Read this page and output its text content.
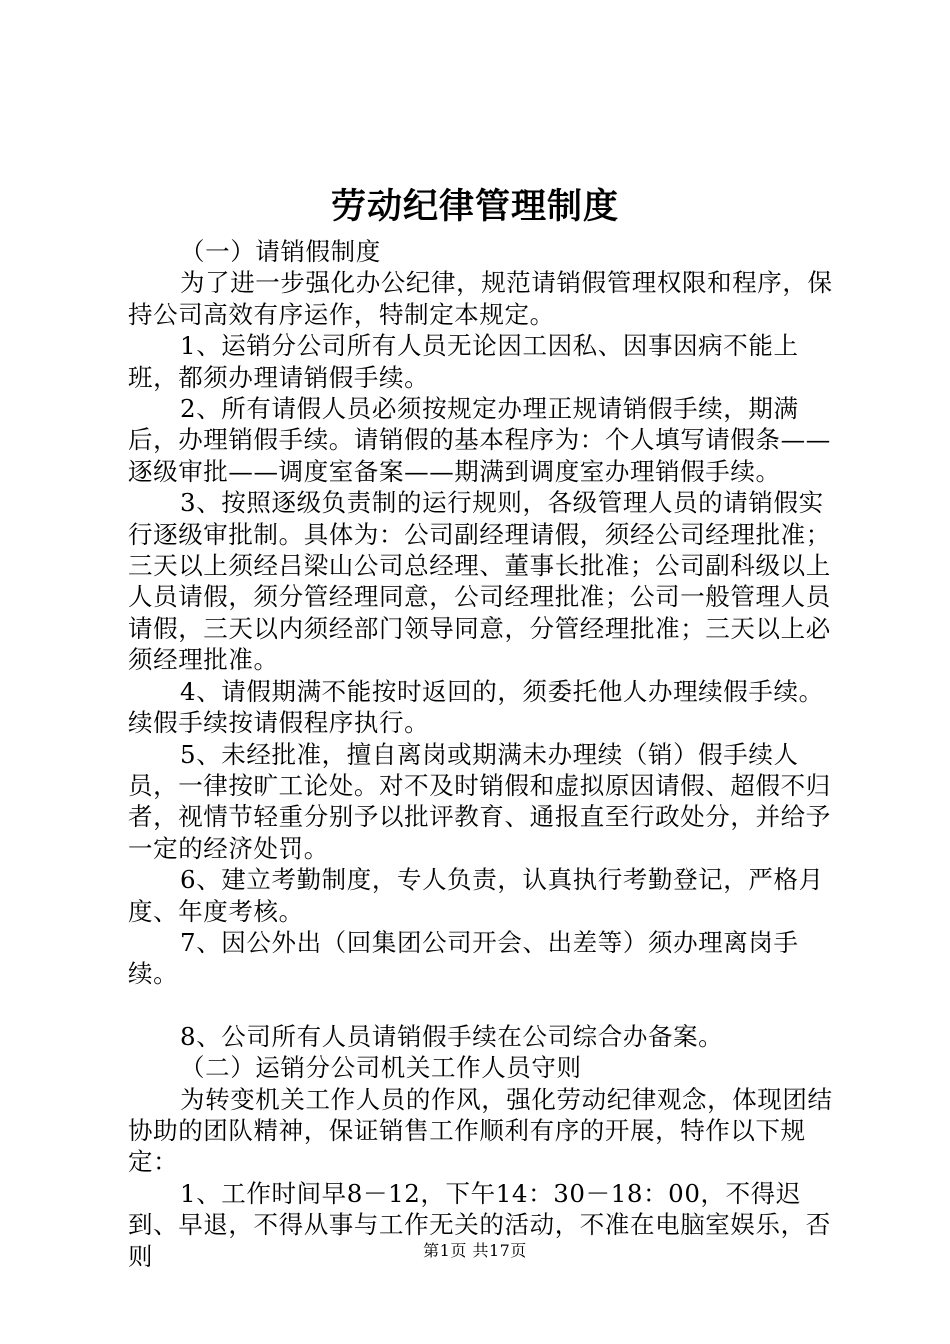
劳动纪律管理制度

（一）请销假制度

为了进一步强化办公纪律，规范请销假管理权限和程序，保持公司高效有序运作，特制定本规定。

1、运销分公司所有人员无论因工因私、因事因病不能上班，都须办理请销假手续。

2、所有请假人员必须按规定办理正规请销假手续，期满后，办理销假手续。请销假的基本程序为：个人填写请假条——逐级审批——调度室备案——期满到调度室办理销假手续。

3、按照逐级负责制的运行规则，各级管理人员的请销假实行逐级审批制。具体为：公司副经理请假，须经公司经理批准；三天以上须经吕梁山公司总经理、董事长批准；公司副科级以上人员请假，须分管经理同意，公司经理批准；公司一般管理人员请假，三天以内须经部门领导同意，分管经理批准；三天以上必须经理批准。

4、请假期满不能按时返回的，须委托他人办理续假手续。续假手续按请假程序执行。

5、未经批准，擅自离岗或期满未办理续（销）假手续人员，一律按旷工论处。对不及时销假和虚拟原因请假、超假不归者，视情节轻重分别予以批评教育、通报直至行政处分，并给予一定的经济处罚。

6、建立考勤制度，专人负责，认真执行考勤登记，严格月度、年度考核。

7、因公外出（回集团公司开会、出差等）须办理离岗手续。

8、公司所有人员请销假手续在公司综合办备案。

（二）运销分公司机关工作人员守则

为转变机关工作人员的作风，强化劳动纪律观念，体现团结协助的团队精神，保证销售工作顺利有序的开展，特作以下规定：

1、工作时间早8－12，下午14：30－18：00，不得迟到、早退，不得从事与工作无关的活动，不准在电脑室娱乐，否则	第1页 共17页
